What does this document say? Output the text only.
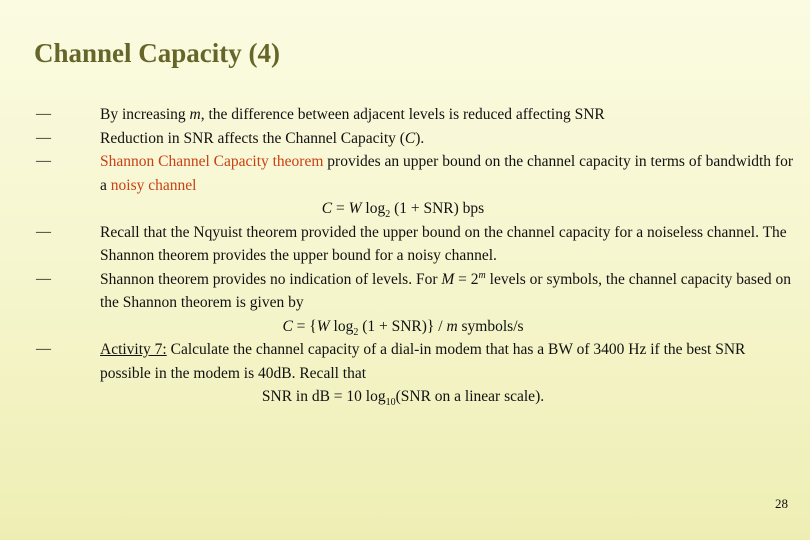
Channel Capacity (4)
—	By increasing m, the difference between adjacent levels is reduced affecting SNR
—	Reduction in SNR affects the Channel Capacity (C).
—	Shannon Channel Capacity theorem provides an upper bound on the channel capacity in terms of bandwidth for a noisy channel
C = W $\log_2 (1 + SNR)$ bps
—	Recall that the Nqyuist theorem provided the upper bound on the channel capacity for a noiseless channel. The Shannon theorem provides the upper bound for a noisy channel.
—	Shannon theorem provides no indication of levels. For $M = 2^m$ levels or symbols, the channel capacity based on the Shannon theorem is given by
C = {W $\log_2 (1 + SNR)\} / m$ symbols/s
—	Activity 7: Calculate the channel capacity of a dial-in modem that has a BW of 3400 Hz if the best SNR possible in the modem is 40dB. Recall that
SNR in dB = 10 $\log_{10}(SNR$ on a linear scale).
28
